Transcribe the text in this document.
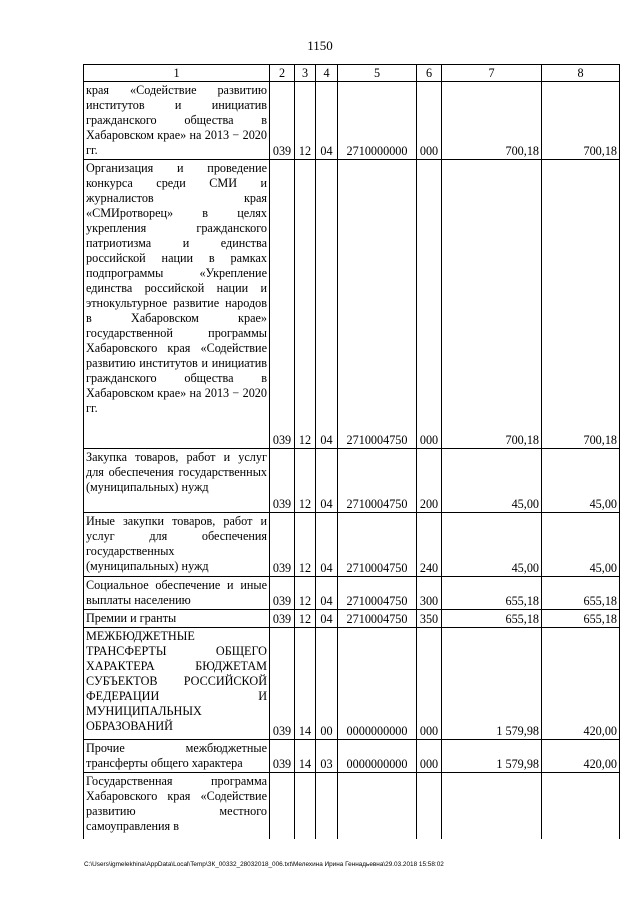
1150
1	2	3	4	5	6	7	8
края «Содействие развитию институтов и инициатив гражданского общества в Хабаровском крае» на 2013 − 2020 гг.	039	12	04	2710000000	000	700,18	700,18
Организация и проведение конкурса среди СМИ и журналистов края «СМИротворец» в целях укрепления гражданского патриотизма и единства российской нации в рамках подпрограммы «Укрепление единства российской нации и этнокультурное развитие народов в Хабаровском крае» государственной программы Хабаровского края «Содействие развитию институтов и инициатив гражданского общества в Хабаровском крае» на 2013 − 2020 гг.	039	12	04	2710004750	000	700,18	700,18
Закупка товаров, работ и услуг для обеспечения государственных (муниципальных) нужд	039	12	04	2710004750	200	45,00	45,00
Иные закупки товаров, работ и услуг для обеспечения государственных (муниципальных) нужд	039	12	04	2710004750	240	45,00	45,00
Социальное обеспечение и иные выплаты населению	039	12	04	2710004750	300	655,18	655,18
Премии и гранты	039	12	04	2710004750	350	655,18	655,18
МЕЖБЮДЖЕТНЫЕ ТРАНСФЕРТЫ ОБЩЕГО ХАРАКТЕРА БЮДЖЕТАМ СУБЪЕКТОВ РОССИЙСКОЙ ФЕДЕРАЦИИ И МУНИЦИПАЛЬНЫХ ОБРАЗОВАНИЙ	039	14	00	0000000000	000	1 579,98	420,00
Прочие межбюджетные трансферты общего характера	039	14	03	0000000000	000	1 579,98	420,00
Государственная программа Хабаровского края «Содействие развитию местного самоуправления в							
C:\Users\igmelekhina\AppData\Local\Temp\ЗК_00332_28032018_006.txt\Мелехина Ирина Геннадьевна\29.03.2018 15:58:02
